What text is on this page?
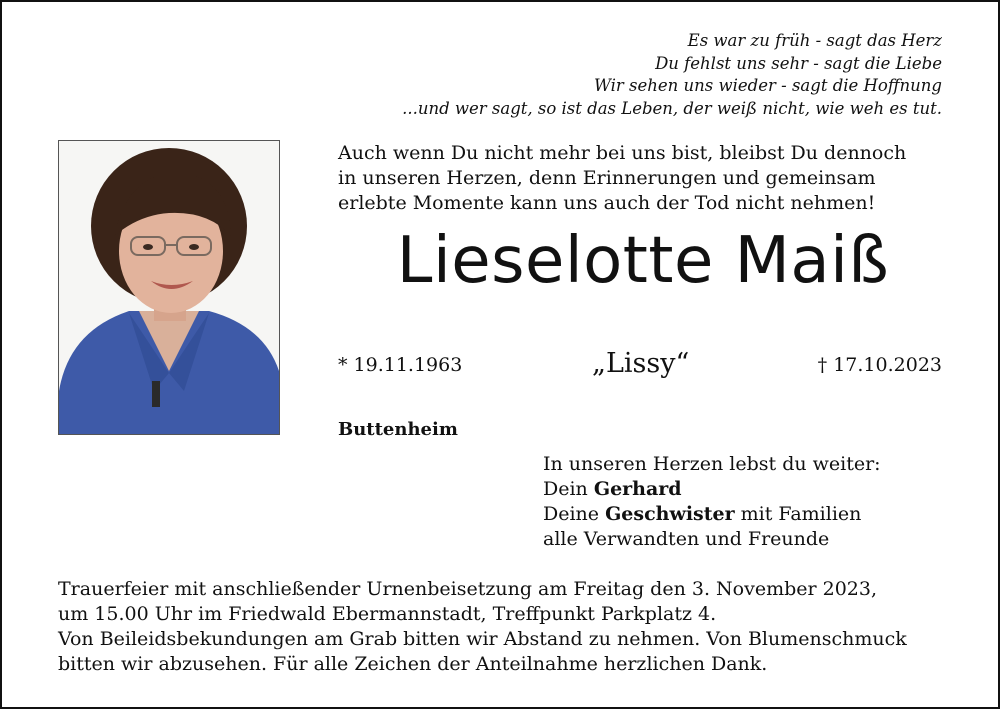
Es war zu früh - sagt das Herz
Du fehlst uns sehr - sagt die Liebe
Wir sehen uns wieder - sagt die Hoffnung
...und wer sagt, so ist das Leben, der weiß nicht, wie weh es tut.
Auch wenn Du nicht mehr bei uns bist, bleibst Du dennoch
in unseren Herzen, denn Erinnerungen und gemeinsam
erlebte Momente kann uns auch der Tod nicht nehmen!
Lieselotte Maiß
* 19.11.1963	„Lissy“	† 17.10.2023
Buttenheim
In unseren Herzen lebst du weiter:
Dein Gerhard
Deine Geschwister mit Familien
alle Verwandten und Freunde
Trauerfeier mit anschließender Urnenbeisetzung am Freitag den 3. November 2023,
um 15.00 Uhr im Friedwald Ebermannstadt, Treffpunkt Parkplatz 4.
Von Beileidsbekundungen am Grab bitten wir Abstand zu nehmen. Von Blumenschmuck
bitten wir abzusehen. Für alle Zeichen der Anteilnahme herzlichen Dank.
